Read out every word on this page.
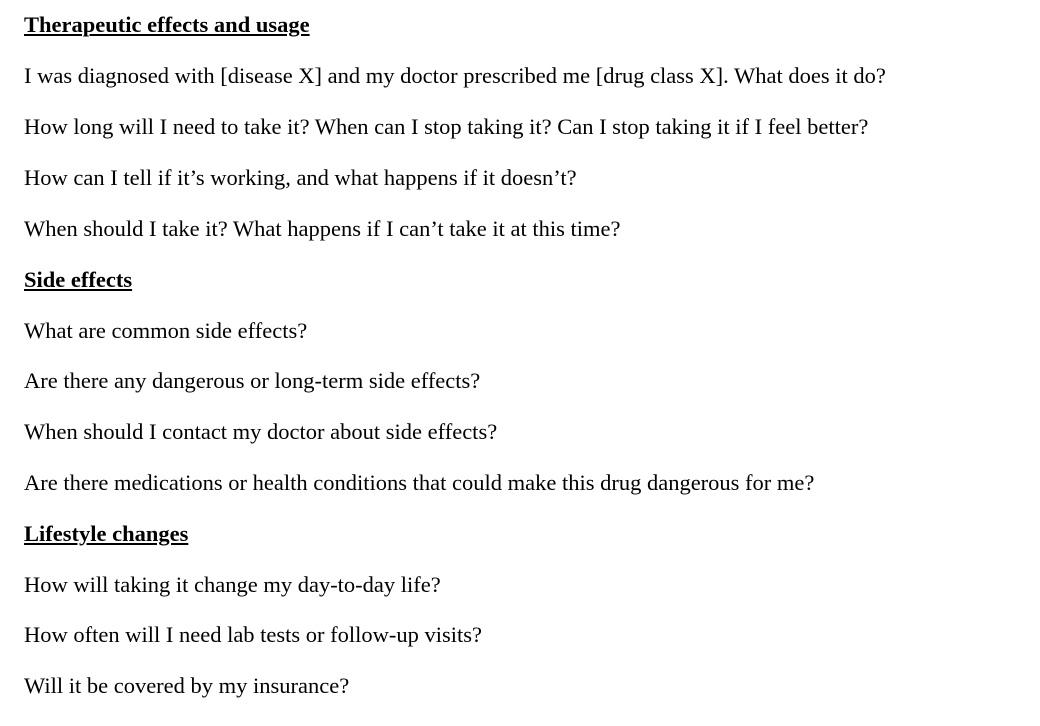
Therapeutic effects and usage
I was diagnosed with [disease X] and my doctor prescribed me [drug class X]. What does it do?
How long will I need to take it? When can I stop taking it? Can I stop taking it if I feel better?
How can I tell if it’s working, and what happens if it doesn’t?
When should I take it? What happens if I can’t take it at this time?
Side effects
What are common side effects?
Are there any dangerous or long-term side effects?
When should I contact my doctor about side effects?
Are there medications or health conditions that could make this drug dangerous for me?
Lifestyle changes
How will taking it change my day-to-day life?
How often will I need lab tests or follow-up visits?
Will it be covered by my insurance?
